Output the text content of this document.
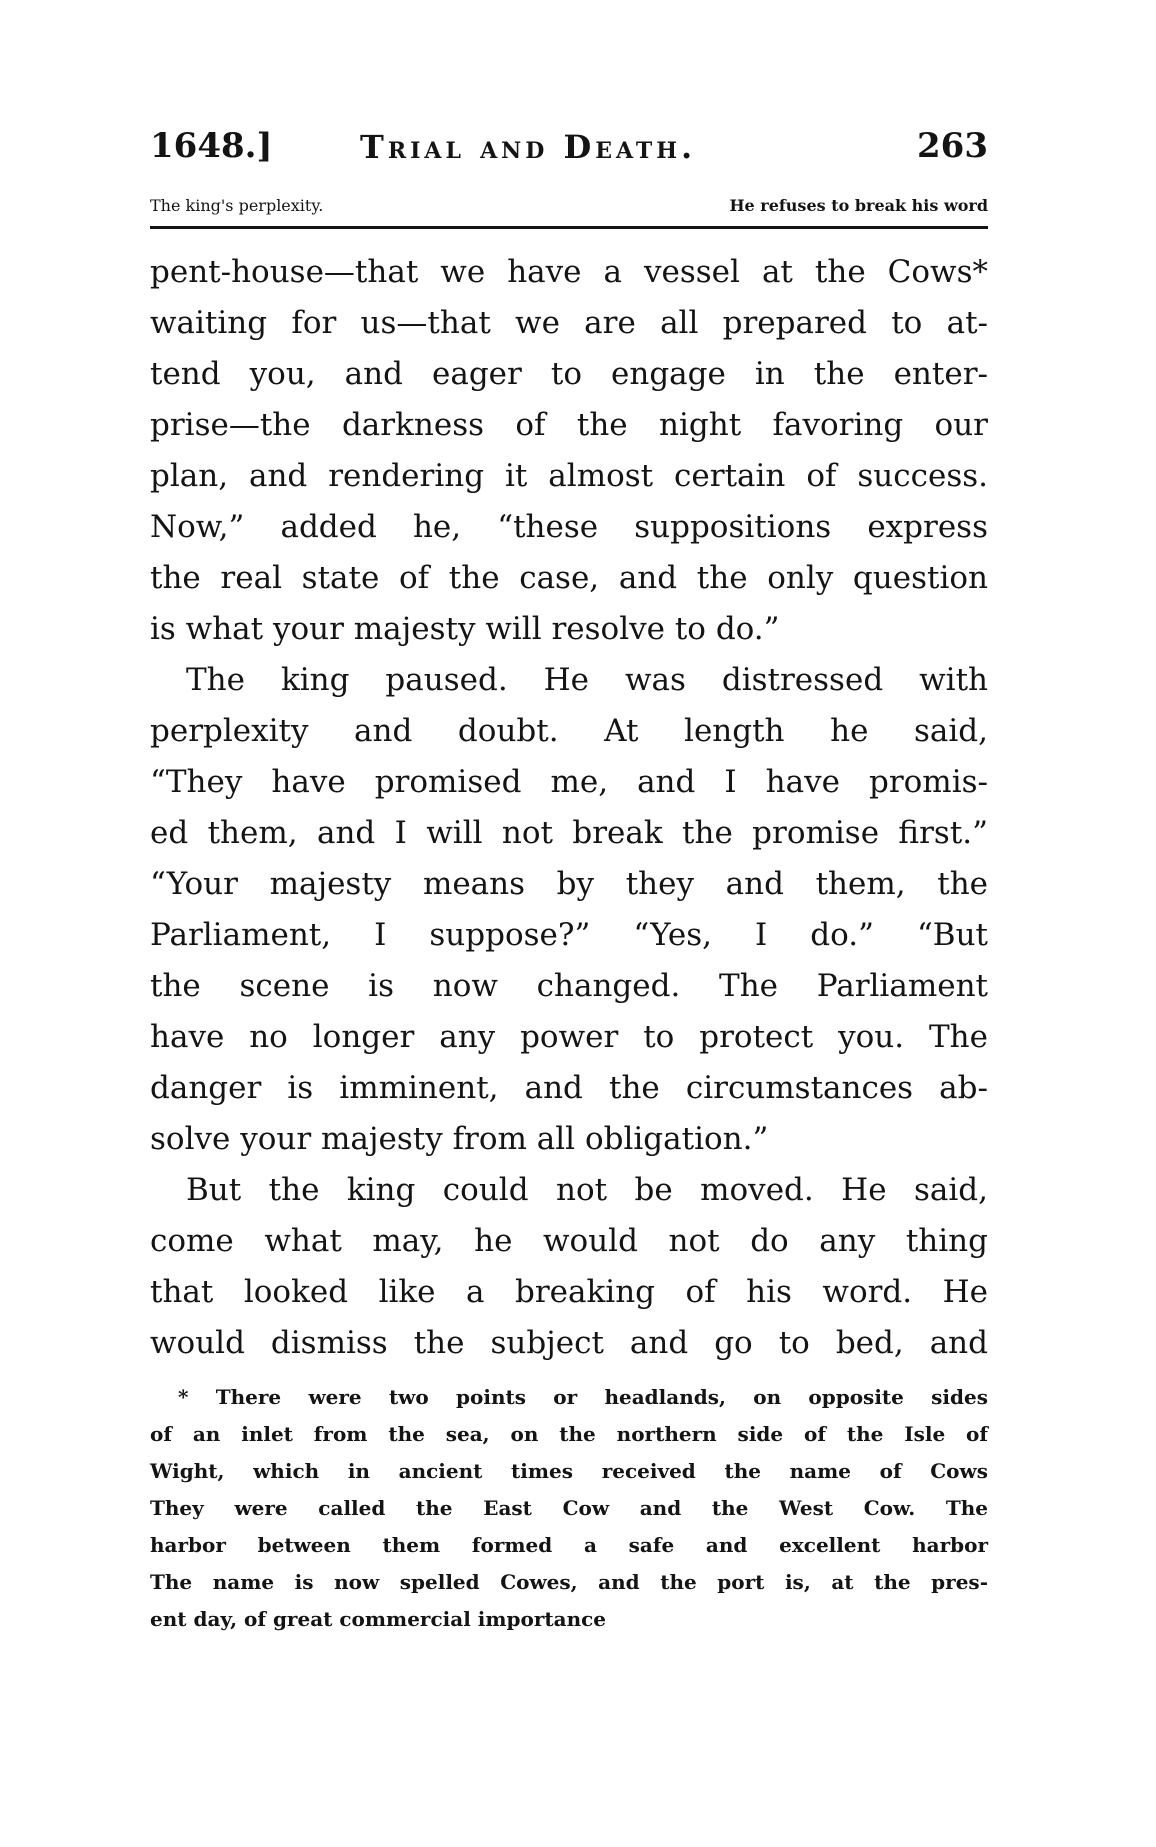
1648.]	Trial and Death.	263
The king's perplexity.	He refuses to break his word
pent-house—that we have a vessel at the Cows*
waiting for us—that we are all prepared to at-
tend you, and eager to engage in the enter-
prise—the darkness of the night favoring our
plan, and rendering it almost certain of success.
Now,” added he, “these suppositions express
the real state of the case, and the only question
is what your majesty will resolve to do.”
The king paused. He was distressed with
perplexity and doubt. At length he said,
“They have promised me, and I have promis-
ed them, and I will not break the promise first.”
“Your majesty means by they and them, the
Parliament, I suppose?” “Yes, I do.” “But
the scene is now changed. The Parliament
have no longer any power to protect you. The
danger is imminent, and the circumstances ab-
solve your majesty from all obligation.”
But the king could not be moved. He said,
come what may, he would not do any thing
that looked like a breaking of his word. He
would dismiss the subject and go to bed, and
* There were two points or headlands, on opposite sides
of an inlet from the sea, on the northern side of the Isle of
Wight, which in ancient times received the name of Cows
They were called the East Cow and the West Cow. The
harbor between them formed a safe and excellent harbor
The name is now spelled Cowes, and the port is, at the pres-
ent day, of great commercial importance
